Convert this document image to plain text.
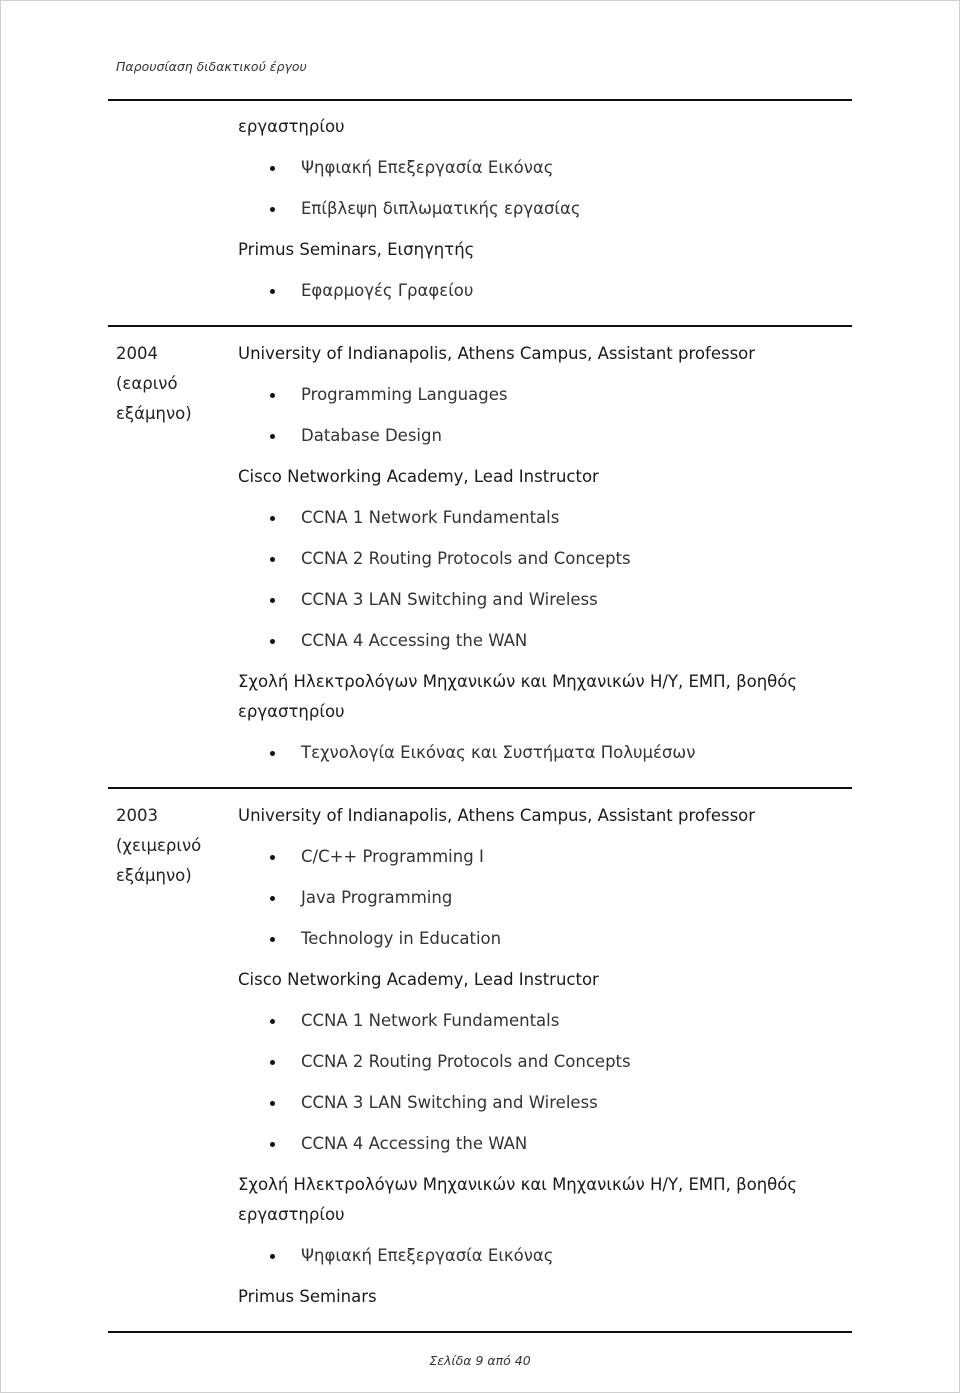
Παρουσίαση διδακτικού έργου
εργαστηρίου
Ψηφιακή Επεξεργασία Εικόνας
Επίβλεψη διπλωματικής εργασίας
Primus Seminars, Εισηγητής
Εφαρμογές Γραφείου
2004
(εαρινό
εξάμηνο)
University of Indianapolis, Athens Campus, Assistant professor
Programming Languages
Database Design
Cisco Networking Academy, Lead Instructor
CCNA 1 Network Fundamentals
CCNA 2 Routing Protocols and Concepts
CCNA 3 LAN Switching and Wireless
CCNA 4 Accessing the WAN
Σχολή Ηλεκτρολόγων Μηχανικών και Μηχανικών Η/Υ, ΕΜΠ, βοηθός
εργαστηρίου
Τεχνολογία Εικόνας και Συστήματα Πολυμέσων
2003
(χειμερινό
εξάμηνο)
University of Indianapolis, Athens Campus, Assistant professor
C/C++ Programming I
Java Programming
Technology in Education
Cisco Networking Academy, Lead Instructor
CCNA 1 Network Fundamentals
CCNA 2 Routing Protocols and Concepts
CCNA 3 LAN Switching and Wireless
CCNA 4 Accessing the WAN
Σχολή Ηλεκτρολόγων Μηχανικών και Μηχανικών Η/Υ, ΕΜΠ, βοηθός
εργαστηρίου
Ψηφιακή Επεξεργασία Εικόνας
Primus Seminars
Σελίδα 9 από 40
